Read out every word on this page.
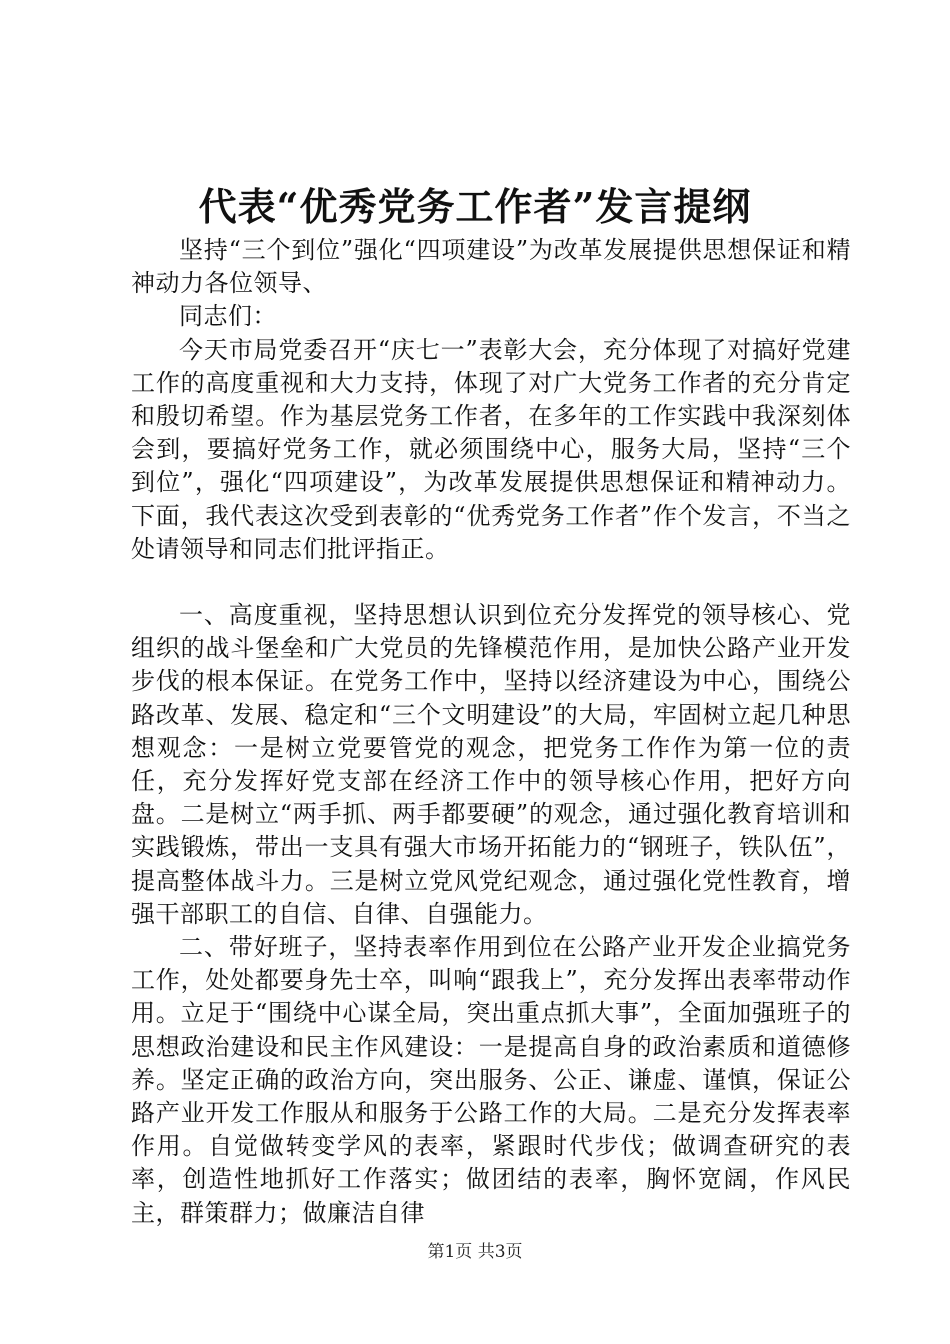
代表“优秀党务工作者”发言提纲

坚持“三个到位”强化“四项建设”为改革发展提供思想保证和精神动力各位领导、

同志们：

今天市局党委召开“庆七一”表彰大会，充分体现了对搞好党建工作的高度重视和大力支持，体现了对广大党务工作者的充分肯定和殷切希望。作为基层党务工作者，在多年的工作实践中我深刻体会到，要搞好党务工作，就必须围绕中心，服务大局，坚持“三个到位”，强化“四项建设”，为改革发展提供思想保证和精神动力。下面，我代表这次受到表彰的“优秀党务工作者”作个发言，不当之处请领导和同志们批评指正。

一、高度重视，坚持思想认识到位充分发挥党的领导核心、党组织的战斗堡垒和广大党员的先锋模范作用，是加快公路产业开发步伐的根本保证。在党务工作中，坚持以经济建设为中心，围绕公路改革、发展、稳定和“三个文明建设”的大局，牢固树立起几种思想观念：一是树立党要管党的观念，把党务工作作为第一位的责任，充分发挥好党支部在经济工作中的领导核心作用，把好方向盘。二是树立“两手抓、两手都要硬”的观念，通过强化教育培训和实践锻炼，带出一支具有强大市场开拓能力的“钢班子，铁队伍”，提高整体战斗力。三是树立党风党纪观念，通过强化党性教育，增强干部职工的自信、自律、自强能力。

二、带好班子，坚持表率作用到位在公路产业开发企业搞党务工作，处处都要身先士卒，叫响“跟我上”，充分发挥出表率带动作用。立足于“围绕中心谋全局，突出重点抓大事”，全面加强班子的思想政治建设和民主作风建设：一是提高自身的政治素质和道德修养。坚定正确的政治方向，突出服务、公正、谦虚、谨慎，保证公路产业开发工作服从和服务于公路工作的大局。二是充分发挥表率作用。自觉做转变学风的表率，紧跟时代步伐；做调查研究的表率，创造性地抓好工作落实；做团结的表率，胸怀宽阔，作风民主，群策群力；做廉洁自律

第1页 共3页
